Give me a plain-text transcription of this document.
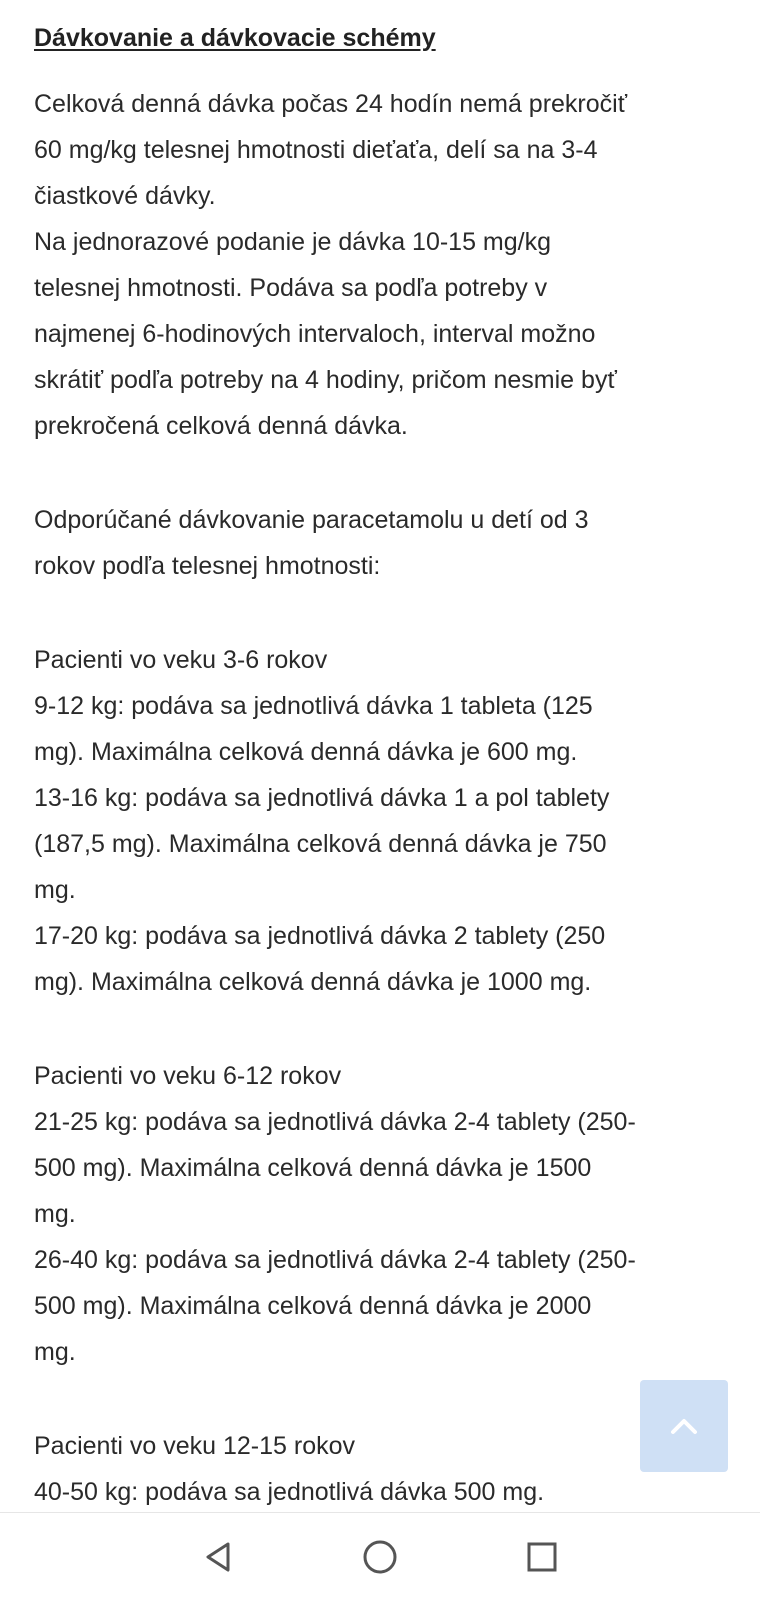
Dávkovanie a dávkovacie schémy
Celková denná dávka počas 24 hodín nemá prekročiť
60 mg/kg telesnej hmotnosti dieťaťa, delí sa na 3-4
čiastkové dávky.
Na jednorazové podanie je dávka 10-15 mg/kg
telesnej hmotnosti. Podáva sa podľa potreby v
najmenej 6-hodinových intervaloch, interval možno
skrátiť podľa potreby na 4 hodiny, pričom nesmie byť
prekročená celková denná dávka.
Odporúčané dávkovanie paracetamolu u detí od 3
rokov podľa telesnej hmotnosti:
Pacienti vo veku 3-6 rokov
9-12 kg: podáva sa jednotlivá dávka 1 tableta (125
mg). Maximálna celková denná dávka je 600 mg.
13-16 kg: podáva sa jednotlivá dávka 1 a pol tablety
(187,5 mg). Maximálna celková denná dávka je 750
mg.
17-20 kg: podáva sa jednotlivá dávka 2 tablety (250
mg). Maximálna celková denná dávka je 1000 mg.
Pacienti vo veku 6-12 rokov
21-25 kg: podáva sa jednotlivá dávka 2-4 tablety (250-
500 mg). Maximálna celková denná dávka je 1500
mg.
26-40 kg: podáva sa jednotlivá dávka 2-4 tablety (250-
500 mg). Maximálna celková denná dávka je 2000
mg.
Pacienti vo veku 12-15 rokov
40-50 kg: podáva sa jednotlivá dávka 500 mg.
